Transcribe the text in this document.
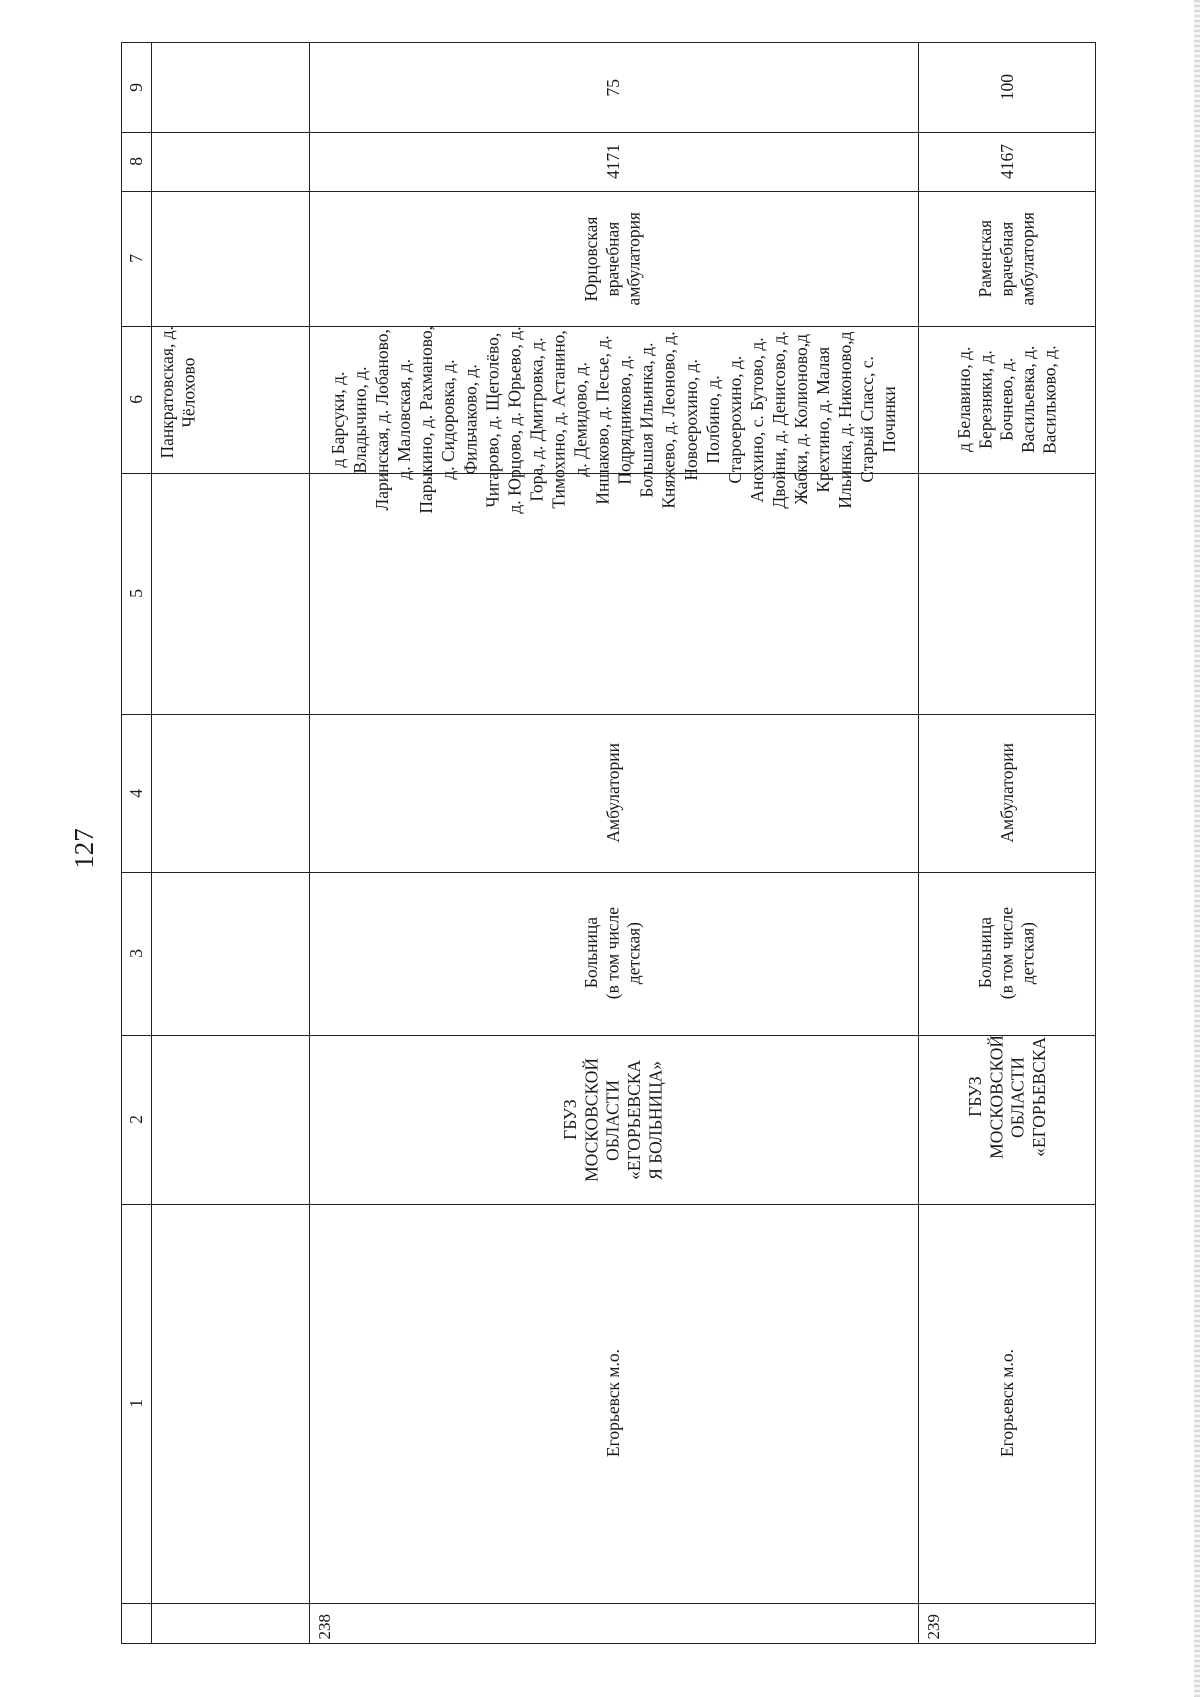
127
9
8
7
6
5
4
3
2
1
Панкратовская, д.
Чёлохово
75
4171
Юрцовская
врачебная
амбулатория
д Барсуки, д.
Владычино, д.
Ларинская, д. Лобаново,
д. Маловская, д.
Парыкино, д. Рахманово,
д. Сидоровка, д.
Фильчаково, д.
Чигарово, д. Щеголёво,
д. Юрцово, д. Юрьево, д.
Гора, д. Дмитровка, д.
Тимохино, д. Астанино,
д. Демидово, д.
Иншаково, д. Песье, д.
Подрядниково, д.
Большая Ильинка, д.
Княжево, д. Леоново, д.
Новоерохино, д.
Полбино, д.
Староерохино, д.
Анохино, с. Бутово, д.
Двойни, д. Денисово, д.
Жабки, д. Колионово,д
Крехтино, д. Малая
Ильинка, д. Никоново,д
Старый Спасс, с.
Починки
Амбулатории
Больница
(в том числе
детская)
ГБУЗ
МОСКОВСКОЙ
ОБЛАСТИ
«ЕГОРЬЕВСКА
Я БОЛЬНИЦА»
Егорьевск м.о.
238
100
4167
Раменская
врачебная
амбулатория
д Белавино, д.
Березняки, д. Бочнево, д.
Васильевка, д.
Васильково, д.
Амбулатории
Больница
(в том числе
детская)
ГБУЗ
МОСКОВСКОЙ
ОБЛАСТИ
«ЕГОРЬЕВСКА
Егорьевск м.о.
239
